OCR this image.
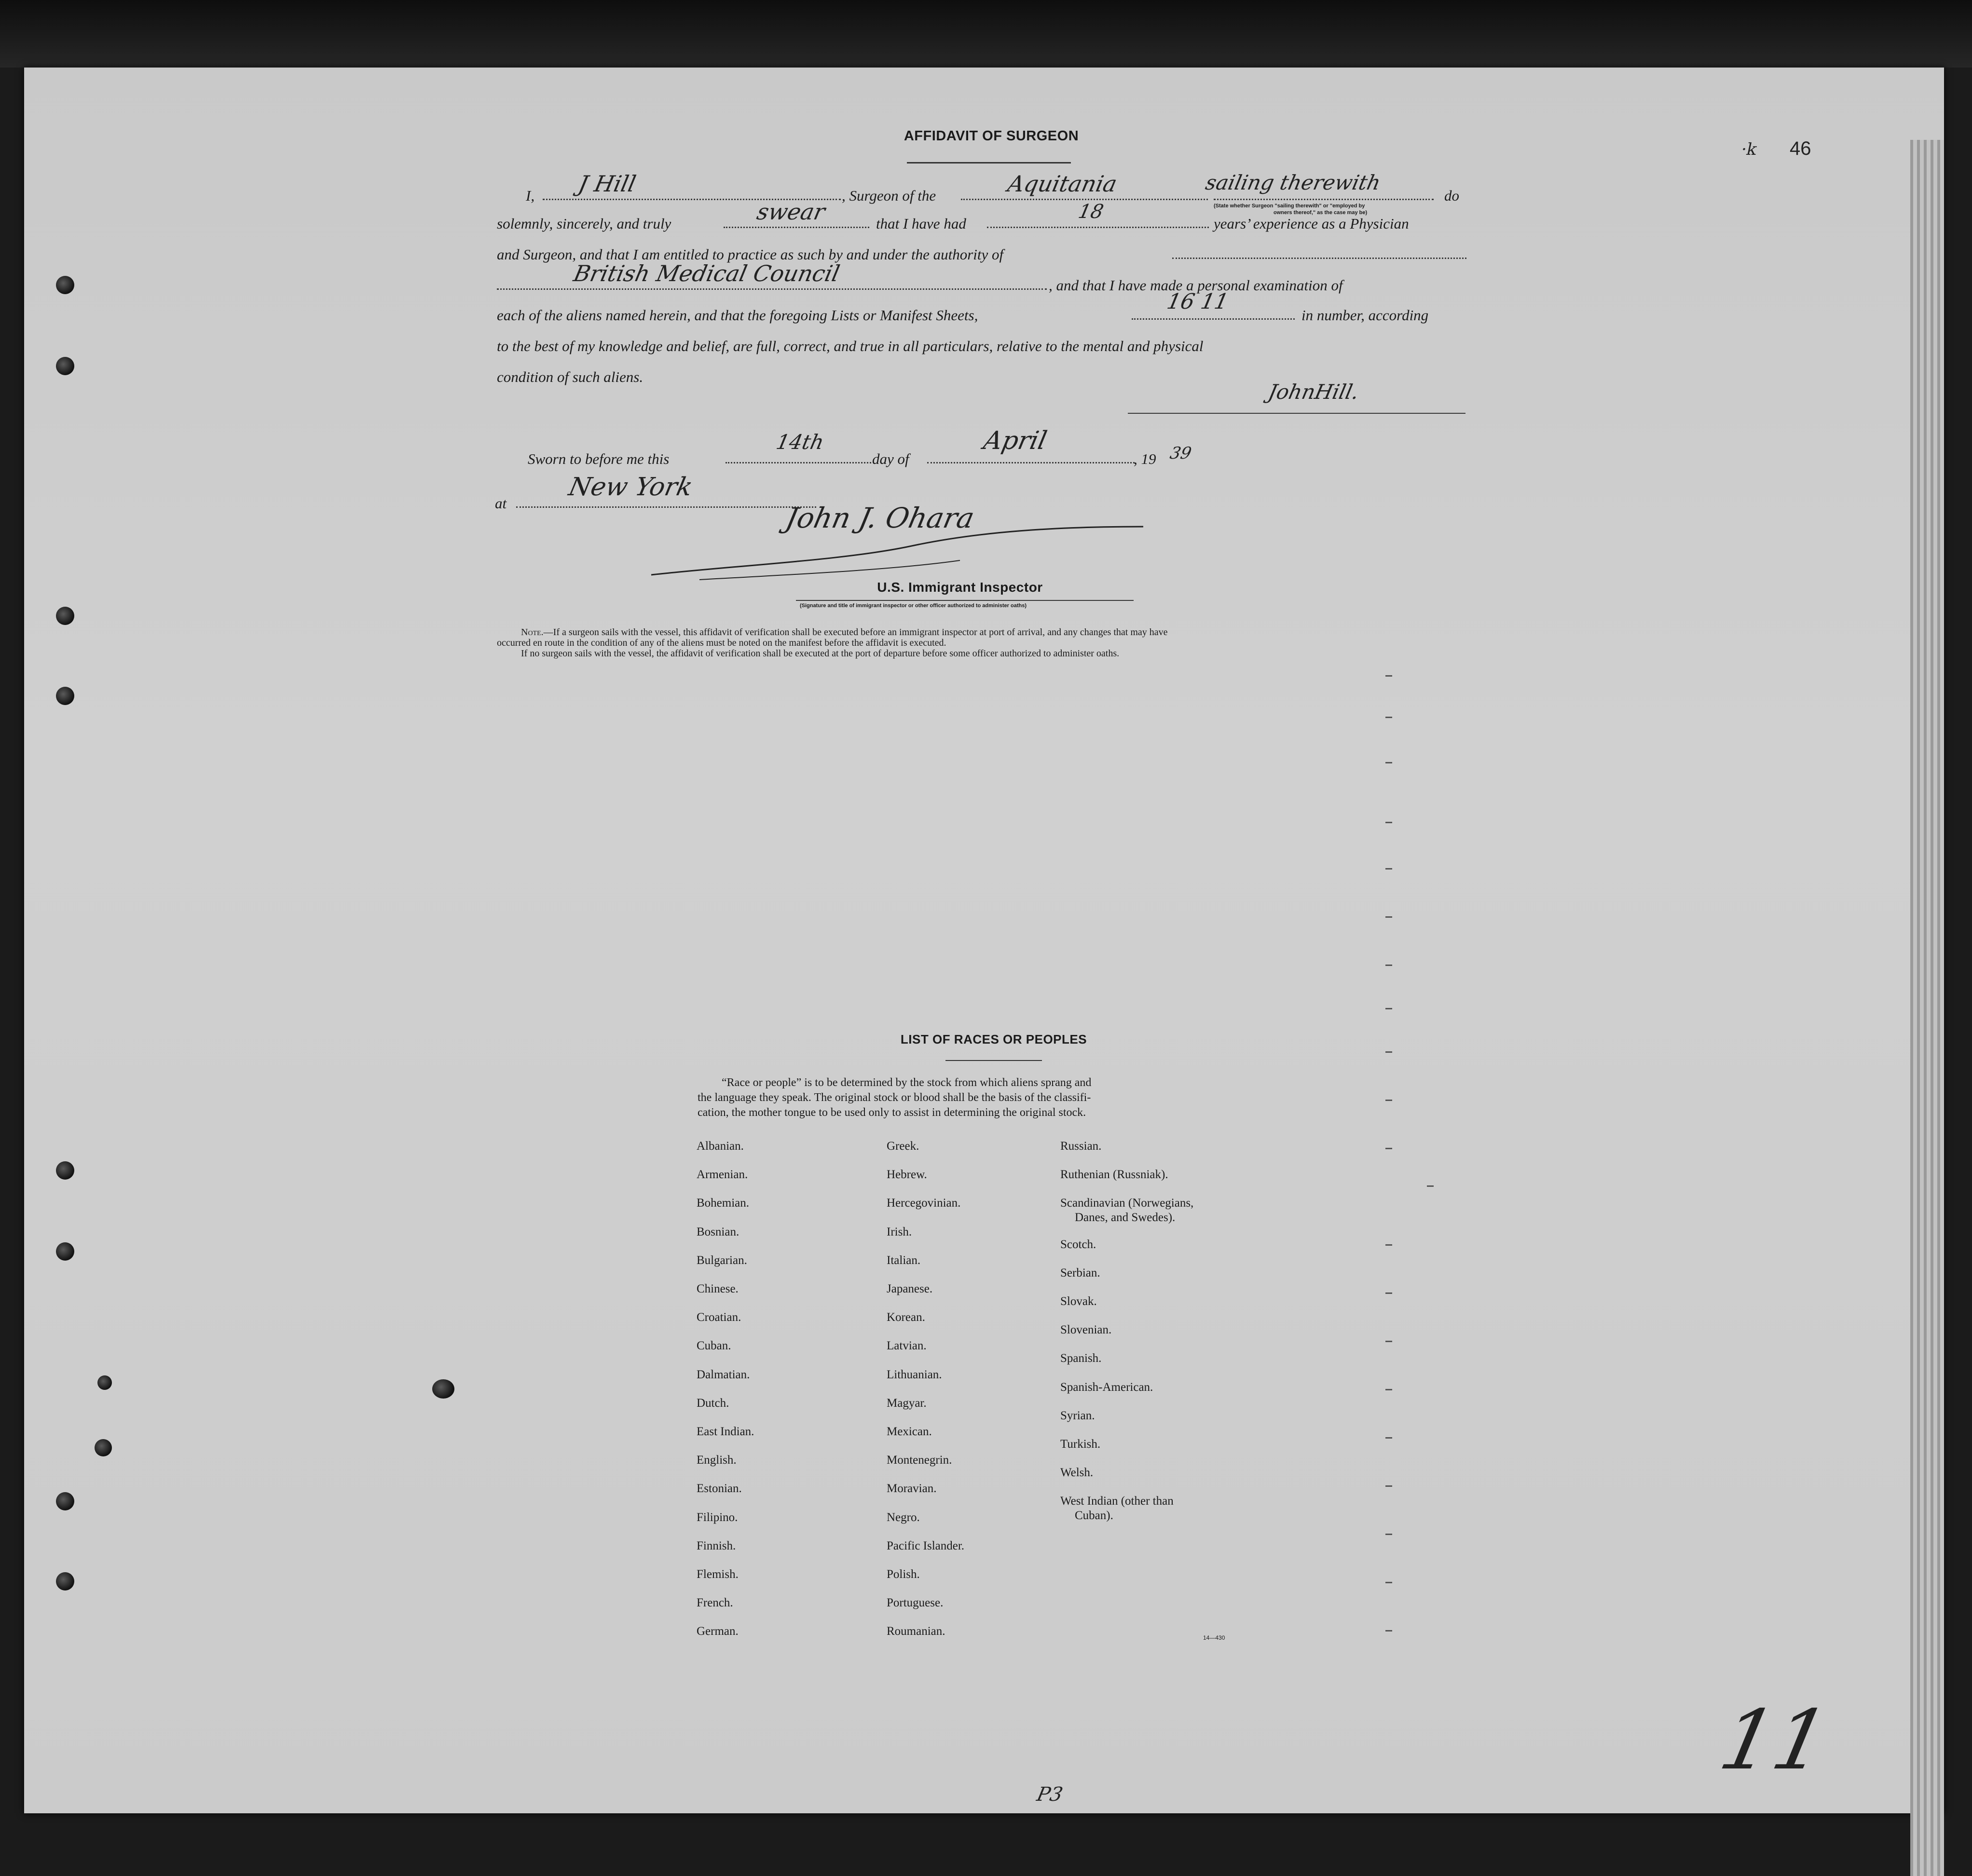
·k 46
11
P3
AFFIDAVIT OF SURGEON
I, J Hill	, Surgeon of the	Aquitania	sailing therewith
do
(State whether Surgeon "sailing therewith" or "employed by
owners thereof," as the case may be)
solemnly, sincerely, and truly	swear	that I have had
18
years’ experience as a Physician
and Surgeon, and that I am entitled to practice as such by and under the authority of
British Medical Council	, and that I have made a personal examination of
each of the aliens named herein, and that the foregoing Lists or Manifest Sheets,
16 11
in number, according
to the best of my knowledge and belief, are full, correct, and true in all particulars, relative to the mental and physical
condition of such aliens.
JohnHill.
Sworn to before me this
14th
day of
April
, 19 39
at
New York
John J. Ohara
U.S. Immigrant Inspector
(Signature and title of immigrant inspector or other officer authorized to administer oaths)
Note.—If a surgeon sails with the vessel, this affidavit of verification shall be executed before an immigrant inspector at port of arrival, and any changes that may have
occurred en route in the condition of any of the aliens must be noted on the manifest before the affidavit is executed.
If no surgeon sails with the vessel, the affidavit of verification shall be executed at the port of departure before some officer authorized to administer oaths.
LIST OF RACES OR PEOPLES
“Race or people” is to be determined by the stock from which aliens sprang and
the language they speak. The original stock or blood shall be the basis of the classifi-
cation, the mother tongue to be used only to assist in determining the original stock.
Albanian.
Armenian.
Bohemian.
Bosnian.
Bulgarian.
Chinese.
Croatian.
Cuban.
Dalmatian.
Dutch.
East Indian.
English.
Estonian.
Filipino.
Finnish.
Flemish.
French.
German.
Greek.
Hebrew.
Hercegovinian.
Irish.
Italian.
Japanese.
Korean.
Latvian.
Lithuanian.
Magyar.
Mexican.
Montenegrin.
Moravian.
Negro.
Pacific Islander.
Polish.
Portuguese.
Roumanian.
Russian.
Ruthenian (Russniak).
Scandinavian (Norwegians,
Danes, and Swedes).
Scotch.
Serbian.
Slovak.
Slovenian.
Spanish.
Spanish-American.
Syrian.
Turkish.
Welsh.
West Indian (other than
Cuban).
14—430
